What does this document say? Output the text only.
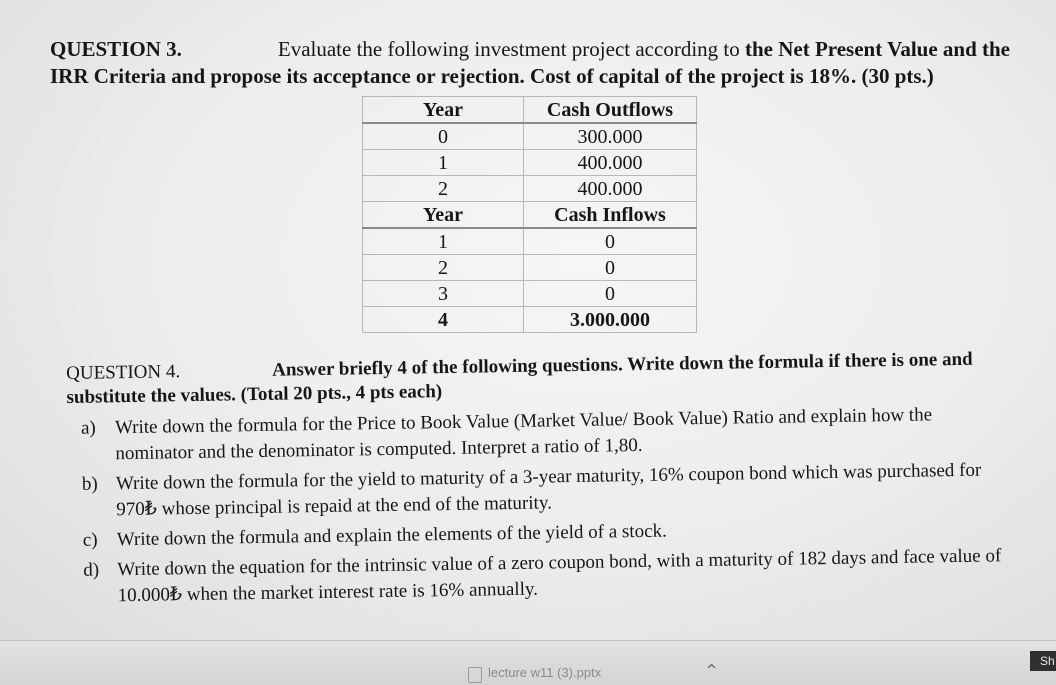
QUESTION 3.	Evaluate the following investment project according to the Net Present Value and the IRR Criteria and propose its acceptance or rejection. Cost of capital of the project is 18%. (30 pts.)
Year	Cash Outflows
0	300.000
1	400.000
2	400.000
Year	Cash Inflows
1	0
2	0
3	0
4	3.000.000
QUESTION 4.	Answer briefly 4 of the following questions. Write down the formula if there is one and substitute the values. (Total 20 pts., 4 pts each)
a) Write down the formula for the Price to Book Value (Market Value/ Book Value) Ratio and explain how the nominator and the denominator is computed. Interpret a ratio of 1,80.
b) Write down the formula for the yield to maturity of a 3-year maturity, 16% coupon bond which was purchased for 970₺ whose principal is repaid at the end of the maturity.
c) Write down the formula and explain the elements of the yield of a stock.
d) Write down the equation for the intrinsic value of a zero coupon bond, with a maturity of 182 days and face value of 10.000₺ when the market interest rate is 16% annually.
lecture w11 (3).pptx	^
Sh
